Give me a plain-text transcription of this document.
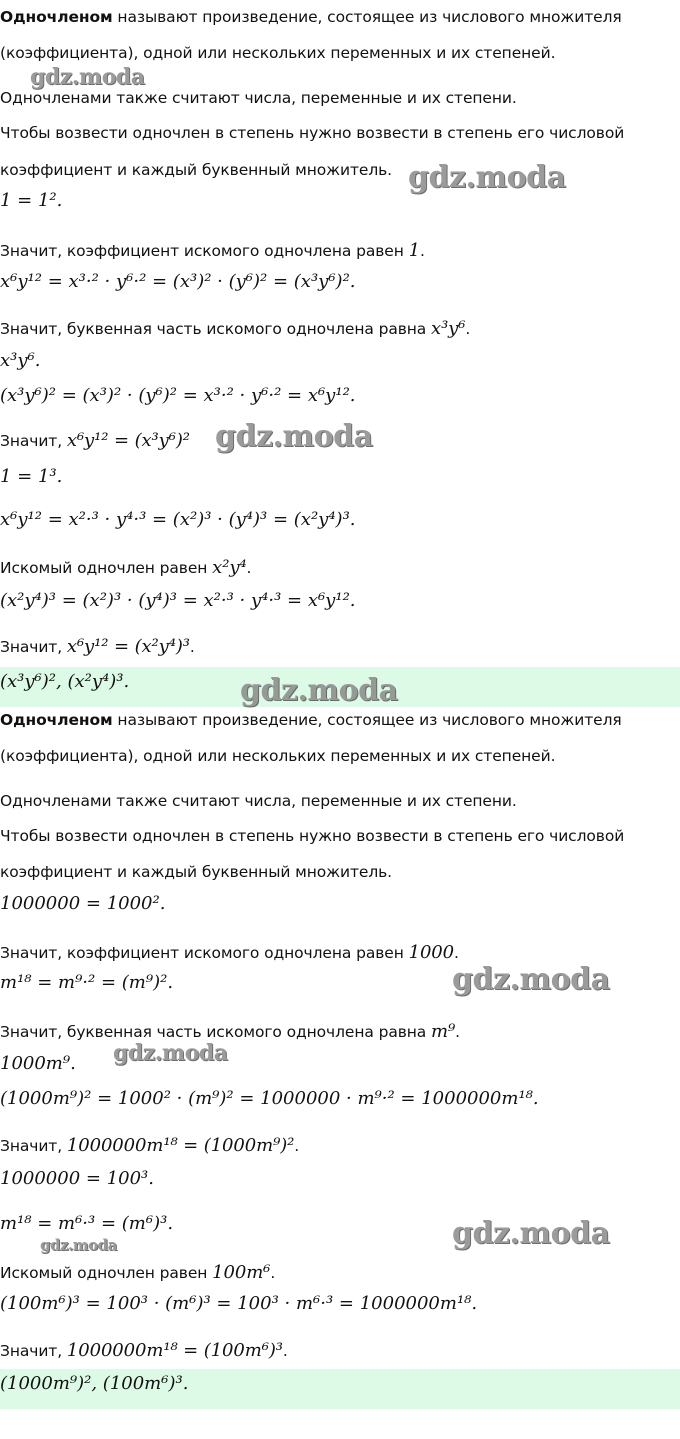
Одночленом называют произведение, состоящее из числового множителя
(коэффициента), одной или нескольких переменных и их степеней.
Одночленами также считают числа, переменные и их степени.
Чтобы возвести одночлен в степень нужно возвести в степень его числовой
коэффициент и каждый буквенный множитель.
1 = 1².
Значит, коэффициент искомого одночлена равен 1.
x⁶y¹² = x³·² · y⁶·² = (x³)² · (y⁶)² = (x³y⁶)².
Значит, буквенная часть искомого одночлена равна x³y⁶.
x³y⁶.
(x³y⁶)² = (x³)² · (y⁶)² = x³·² · y⁶·² = x⁶y¹².
Значит, x⁶y¹² = (x³y⁶)²
1 = 1³.
x⁶y¹² = x²·³ · y⁴·³ = (x²)³ · (y⁴)³ = (x²y⁴)³.
Искомый одночлен равен x²y⁴.
(x²y⁴)³ = (x²)³ · (y⁴)³ = x²·³ · y⁴·³ = x⁶y¹².
Значит, x⁶y¹² = (x²y⁴)³.
(x³y⁶)², (x²y⁴)³.
Одночленом называют произведение, состоящее из числового множителя
(коэффициента), одной или нескольких переменных и их степеней.
Одночленами также считают числа, переменные и их степени.
Чтобы возвести одночлен в степень нужно возвести в степень его числовой
коэффициент и каждый буквенный множитель.
1000000 = 1000².
Значит, коэффициент искомого одночлена равен 1000.
m¹⁸ = m⁹·² = (m⁹)².
Значит, буквенная часть искомого одночлена равна m⁹.
1000m⁹.
(1000m⁹)² = 1000² · (m⁹)² = 1000000 · m⁹·² = 1000000m¹⁸.
Значит, 1000000m¹⁸ = (1000m⁹)².
1000000 = 100³.
m¹⁸ = m⁶·³ = (m⁶)³.
Искомый одночлен равен 100m⁶.
(100m⁶)³ = 100³ · (m⁶)³ = 100³ · m⁶·³ = 1000000m¹⁸.
Значит, 1000000m¹⁸ = (100m⁶)³.
(1000m⁹)², (100m⁶)³.
gdz.moda
gdz.moda
gdz.moda
gdz.moda
gdz.moda
gdz.moda
gdz.moda
gdz.moda
